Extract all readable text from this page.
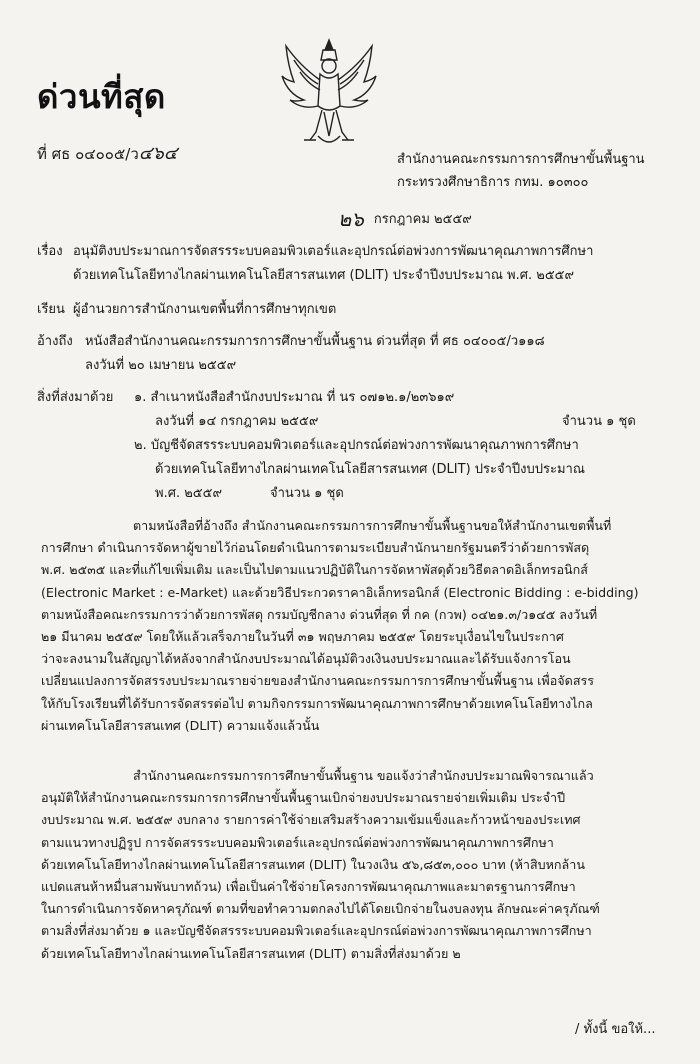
ด่วนที่สุด
ที่ ศธ ๐๔๐๐๕/ว๔๖๔	สำนักงานคณะกรรมการการศึกษาขั้นพื้นฐาน
กระทรวงศึกษาธิการ กทม. ๑๐๓๐๐
๒๖ กรกฎาคม ๒๕๕๙
เรื่อง อนุมัติงบประมาณการจัดสรรระบบคอมพิวเตอร์และอุปกรณ์ต่อพ่วงการพัฒนาคุณภาพการศึกษา
ด้วยเทคโนโลยีทางไกลผ่านเทคโนโลยีสารสนเทศ (DLIT) ประจำปีงบประมาณ พ.ศ. ๒๕๕๙
เรียน ผู้อำนวยการสำนักงานเขตพื้นที่การศึกษาทุกเขต
อ้างถึง หนังสือสำนักงานคณะกรรมการการศึกษาขั้นพื้นฐาน ด่วนที่สุด ที่ ศธ ๐๔๐๐๕/ว๑๑๘
ลงวันที่ ๒๐ เมษายน ๒๕๕๙
สิ่งที่ส่งมาด้วย ๑. สำเนาหนังสือสำนักงบประมาณ ที่ นร ๐๗๑๒.๑/๒๓๖๑๙
ลงวันที่ ๑๔ กรกฎาคม ๒๕๕๙	จำนวน ๑ ชุด
๒. บัญชีจัดสรรระบบคอมพิวเตอร์และอุปกรณ์ต่อพ่วงการพัฒนาคุณภาพการศึกษา
ด้วยเทคโนโลยีทางไกลผ่านเทคโนโลยีสารสนเทศ (DLIT) ประจำปีงบประมาณ
พ.ศ. ๒๕๕๙	จำนวน ๑ ชุด
ตามหนังสือที่อ้างถึง สำนักงานคณะกรรมการการศึกษาขั้นพื้นฐานขอให้สำนักงานเขตพื้นที่
การศึกษา ดำเนินการจัดหาผู้ขายไว้ก่อนโดยดำเนินการตามระเบียบสำนักนายกรัฐมนตรีว่าด้วยการพัสดุ
พ.ศ. ๒๕๓๕ และที่แก้ไขเพิ่มเติม และเป็นไปตามแนวปฏิบัติในการจัดหาพัสดุด้วยวิธีตลาดอิเล็กทรอนิกส์
(Electronic Market : e-Market) และด้วยวิธีประกวดราคาอิเล็กทรอนิกส์ (Electronic Bidding : e-bidding)
ตามหนังสือคณะกรรมการว่าด้วยการพัสดุ กรมบัญชีกลาง ด่วนที่สุด ที่ กค (กวพ) ๐๔๒๑.๓/ว๑๔๕ ลงวันที่
๒๑ มีนาคม ๒๕๕๙ โดยให้แล้วเสร็จภายในวันที่ ๓๑ พฤษภาคม ๒๕๕๙ โดยระบุเงื่อนไขในประกาศ
ว่าจะลงนามในสัญญาได้หลังจากสำนักงบประมาณได้อนุมัติวงเงินงบประมาณและได้รับแจ้งการโอน
เปลี่ยนแปลงการจัดสรรงบประมาณรายจ่ายของสำนักงานคณะกรรมการการศึกษาขั้นพื้นฐาน เพื่อจัดสรร
ให้กับโรงเรียนที่ได้รับการจัดสรรต่อไป ตามกิจกรรมการพัฒนาคุณภาพการศึกษาด้วยเทคโนโลยีทางไกล
ผ่านเทคโนโลยีสารสนเทศ (DLIT) ความแจ้งแล้วนั้น
สำนักงานคณะกรรมการการศึกษาขั้นพื้นฐาน ขอแจ้งว่าสำนักงบประมาณพิจารณาแล้ว
อนุมัติให้สำนักงานคณะกรรมการการศึกษาขั้นพื้นฐานเบิกจ่ายงบประมาณรายจ่ายเพิ่มเติม ประจำปี
งบประมาณ พ.ศ. ๒๕๕๙ งบกลาง รายการค่าใช้จ่ายเสริมสร้างความเข้มแข็งและก้าวหน้าของประเทศ
ตามแนวทางปฏิรูป การจัดสรรระบบคอมพิวเตอร์และอุปกรณ์ต่อพ่วงการพัฒนาคุณภาพการศึกษา
ด้วยเทคโนโลยีทางไกลผ่านเทคโนโลยีสารสนเทศ (DLIT) ในวงเงิน ๕๖,๘๕๓,๐๐๐ บาท (ห้าสิบหกล้าน
แปดแสนห้าหมื่นสามพันบาทถ้วน) เพื่อเป็นค่าใช้จ่ายโครงการพัฒนาคุณภาพและมาตรฐานการศึกษา
ในการดำเนินการจัดหาครุภัณฑ์ ตามที่ขอทำความตกลงไปได้โดยเบิกจ่ายในงบลงทุน ลักษณะค่าครุภัณฑ์
ตามสิ่งที่ส่งมาด้วย ๑ และบัญชีจัดสรรระบบคอมพิวเตอร์และอุปกรณ์ต่อพ่วงการพัฒนาคุณภาพการศึกษา
ด้วยเทคโนโลยีทางไกลผ่านเทคโนโลยีสารสนเทศ (DLIT) ตามสิ่งที่ส่งมาด้วย ๒
/ ทั้งนี้ ขอให้...
